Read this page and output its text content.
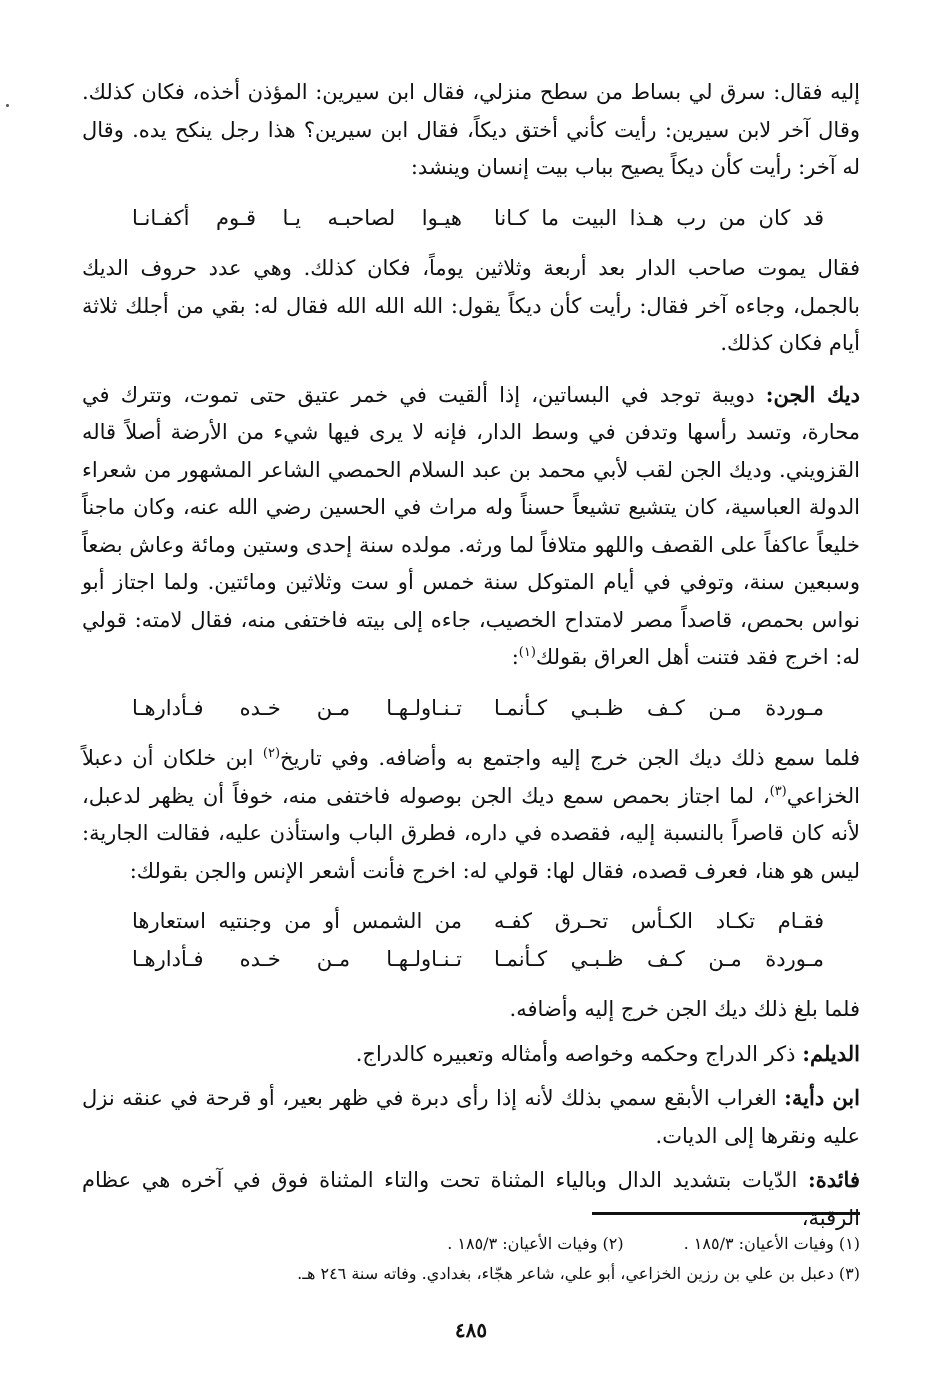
إليه فقال: سرق لي بساط من سطح منزلي، فقال ابن سيرين: المؤذن أخذه، فكان كذلك. وقال آخر لابن سيرين: رأيت كأني أختق ديكاً، فقال ابن سيرين؟ هذا رجل ينكح يده. وقال له آخر: رأيت كأن ديكاً يصيح بباب بيت إنسان وينشد:

قد كان من رب هـذا البيت ما كـانا
هيـوا لصاحبـه يـا قـوم أكفـانـا

فقال يموت صاحب الدار بعد أربعة وثلاثين يوماً، فكان كذلك. وهي عدد حروف الديك بالجمل، وجاءه آخر فقال: رأيت كأن ديكاً يقول: الله الله الله فقال له: بقي من أجلك ثلاثة أيام فكان كذلك.

ديك الجن: دويبة توجد في البساتين، إذا ألقيت في خمر عتيق حتى تموت، وتترك في محارة، وتسد رأسها وتدفن في وسط الدار، فإنه لا يرى فيها شيء من الأرضة أصلاً قاله القزويني. وديك الجن لقب لأبي محمد بن عبد السلام الحمصي الشاعر المشهور من شعراء الدولة العباسية، كان يتشيع تشيعاً حسناً وله مراث في الحسين رضي الله عنه، وكان ماجناً خليعاً عاكفاً على القصف واللهو متلافاً لما ورثه. مولده سنة إحدى وستين ومائة وعاش بضعاً وسبعين سنة، وتوفي في أيام المتوكل سنة خمس أو ست وثلاثين ومائتين. ولما اجتاز أبو نواس بحمص، قاصداً مصر لامتداح الخصيب، جاءه إلى بيته فاختفى منه، فقال لامته: قولي له: اخرج فقد فتنت أهل العراق بقولك$^{(١)}$:

مـوردة مـن كـف ظـبـي كـأنمـا
تـنـاولـهـا مـن خـده فـأدارهـا

فلما سمع ذلك ديك الجن خرج إليه واجتمع به وأضافه. وفي تاريخ$^{(٢)}$ ابن خلكان أن دعبلاً الخزاعي$^{(٣)}$، لما اجتاز بحمص سمع ديك الجن بوصوله فاختفى منه، خوفاً أن يظهر لدعبل، لأنه كان قاصراً بالنسبة إليه، فقصده في داره، فطرق الباب واستأذن عليه، فقالت الجارية: ليس هو هنا، فعرف قصده، فقال لها: قولي له: اخرج فأنت أشعر الإنس والجن بقولك:

فقـام تكـاد الكـأس تحـرق كفـه
من الشمس أو من وجنتيه استعارها
مـوردة مـن كـف ظـبـي كـأنمـا
تـنـاولـهـا مـن خـده فـأدارهـا

فلما بلغ ذلك ديك الجن خرج إليه وأضافه.

الديلم: ذكر الدراج وحكمه وخواصه وأمثاله وتعبيره كالدراج.

ابن دأية: الغراب الأبقع سمي بذلك لأنه إذا رأى دبرة في ظهر بعير، أو قرحة في عنقه نزل عليه ونقرها إلى الديات.

فائدة: الدّيات بتشديد الدال وبالياء المثناة تحت والتاء المثناة فوق في آخره هي عظام الرقبة،

(١) وفيات الأعيان: ١٨٥/٣ .
(٢) وفيات الأعيان: ١٨٥/٣ .
(٣) دعبل بن علي بن رزين الخزاعي، أبو علي، شاعر هجّاء، بغدادي. وفاته سنة ٢٤٦ هـ.
٤٨٥
